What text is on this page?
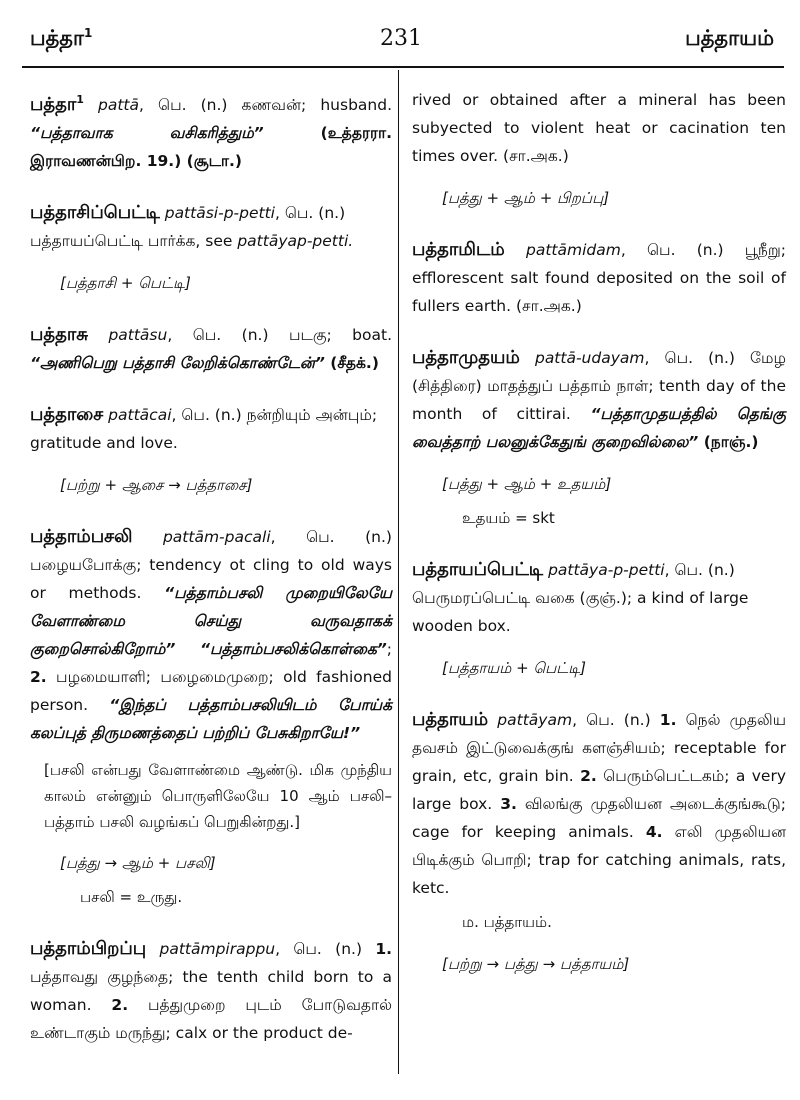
பத்தா$^1$	231	பத்தாயம்

பத்தா$^1$ pattā, பெ. (n.) கணவன்; husband. “பத்தாவாக வசிகரித்தும்” (உத்தரரா. இராவணன்பிற. 19.) (சூடா.)

பத்தாசிப்பெட்டி pattāsi-p-petti, பெ. (n.) பத்தாயப்பெட்டி பார்க்க, see pattāyap-petti.

[பத்தாசி + பெட்டி]

பத்தாசு pattāsu, பெ. (n.) படகு; boat. “அணிபெறு பத்தாசி லேறிக்கொண்டேன்” (சீதக்.)

பத்தாசை pattācai, பெ. (n.) நன்றியும் அன்பும்; gratitude and love.

[பற்று + ஆசை → பத்தாசை]

பத்தாம்பசலி pattām-pacali, பெ. (n.) பழையபோக்கு; tendency ot cling to old ways or methods. “பத்தாம்பசலி முறையிலேயே வேளாண்மை செய்து வருவதாகக் குறைசொல்கிறோம்” “பத்தாம்பசலிக்கொள்கை”; 2. பழமையாளி; பழைமைமுறை; old fashioned person. “இந்தப் பத்தாம்பசலியிடம் போய்க் கலப்புத் திருமணத்தைப் பற்றிப் பேசுகிறாயே!”

[பசலி என்பது வேளாண்மை ஆண்டு. மிக முந்திய காலம் என்னும் பொருளிலேயே 10 ஆம் பசலி–பத்தாம் பசலி வழங்கப் பெறுகின்றது.]
[பத்து → ஆம் + பசலி]
பசலி = உருது.

பத்தாம்பிறப்பு pattāmpirappu, பெ. (n.) 1. பத்தாவது குழந்தை; the tenth child born to a woman. 2. பத்துமுறை புடம் போடுவதால் உண்டாகும் மருந்து; calx or the product de-

rived or obtained after a mineral has been subyected to violent heat or cacination ten times over. (சா.அக.)

[பத்து + ஆம் + பிறப்பு]

பத்தாமிடம் pattāmidam, பெ. (n.) பூநீறு; efflorescent salt found deposited on the soil of fullers earth. (சா.அக.)

பத்தாமுதயம் pattā-udayam, பெ. (n.) மேழ (சித்திரை) மாதத்துப் பத்தாம் நாள்; tenth day of the month of cittirai. “பத்தாமுதயத்தில் தெங்கு வைத்தாற் பலனுக்கேதுங் குறைவில்லை” (நாஞ்.)

[பத்து + ஆம் + உதயம்]
உதயம் = skt

பத்தாயப்பெட்டி pattāya-p-petti, பெ. (n.) பெருமரப்பெட்டி வகை (குஞ்.); a kind of large wooden box.

[பத்தாயம் + பெட்டி]

பத்தாயம் pattāyam, பெ. (n.) 1. நெல் முதலிய தவசம் இட்டுவைக்குங் களஞ்சியம்; receptable for grain, etc, grain bin. 2. பெரும்பெட்டகம்; a very large box. 3. விலங்கு முதலியன அடைக்குங்கூடு; cage for keeping animals. 4. எலி முதலியன பிடிக்கும் பொறி; trap for catching animals, rats, ketc.

ம. பத்தாயம்.
[பற்று → பத்து → பத்தாயம்]
